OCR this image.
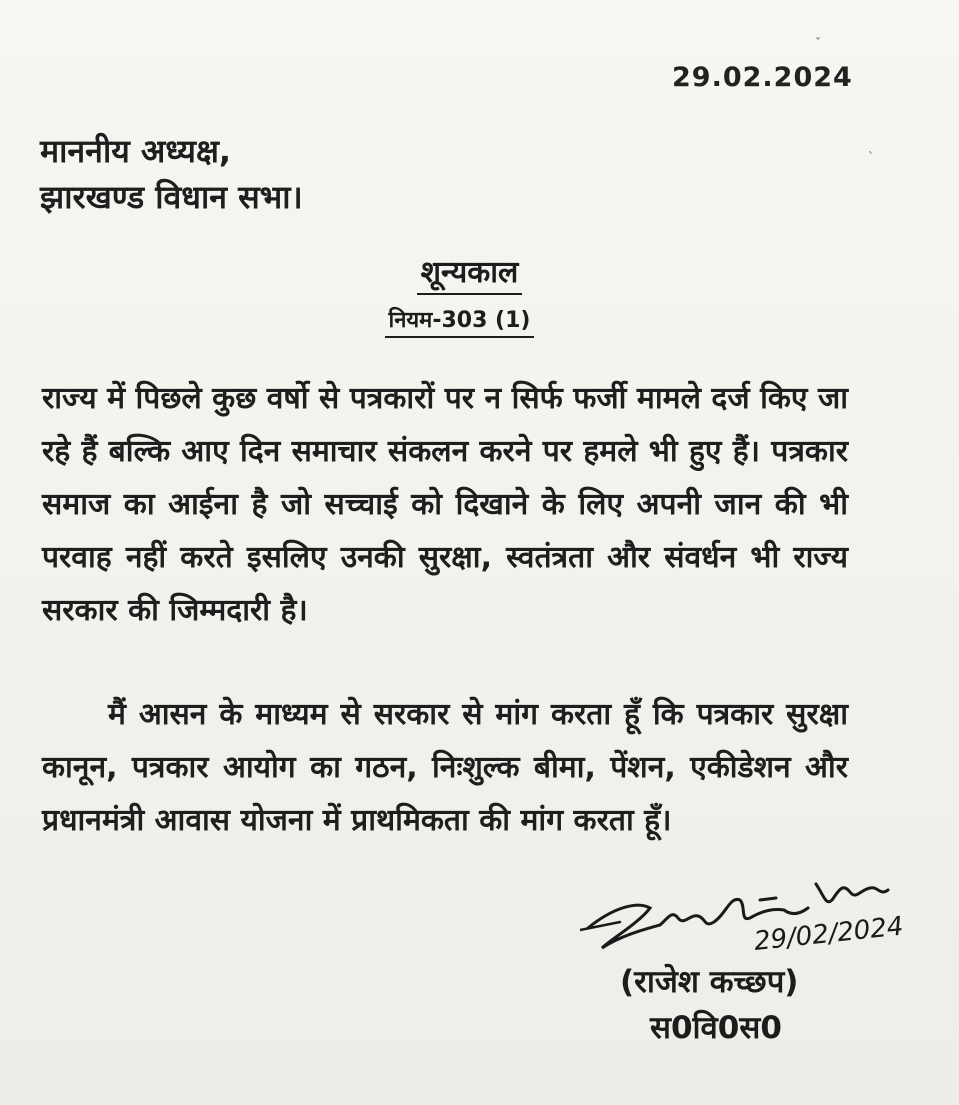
29.02.2024
माननीय अध्यक्ष,
झारखण्ड विधान सभा।
शून्यकाल
नियम-303 (1)
राज्य में पिछले कुछ वर्षो से पत्रकारों पर न सिर्फ फर्जी मामले दर्ज किए जा रहे हैं बल्कि आए दिन समाचार संकलन करने पर हमले भी हुए हैं। पत्रकार समाज का आईना है जो सच्चाई को दिखाने के लिए अपनी जान की भी परवाह नहीं करते इसलिए उनकी सुरक्षा, स्वतंत्रता और संवर्धन भी राज्य सरकार की जिम्मदारी है।
मैं आसन के माध्यम से सरकार से मांग करता हूँ कि पत्रकार सुरक्षा कानून, पत्रकार आयोग का गठन, निःशुल्क बीमा, पेंशन, एकीडेशन और प्रधानमंत्री आवास योजना में प्राथमिकता की मांग करता हूँ।
29/02/2024
(राजेश कच्छप)
स0वि0स0
ˇ
ˋ
